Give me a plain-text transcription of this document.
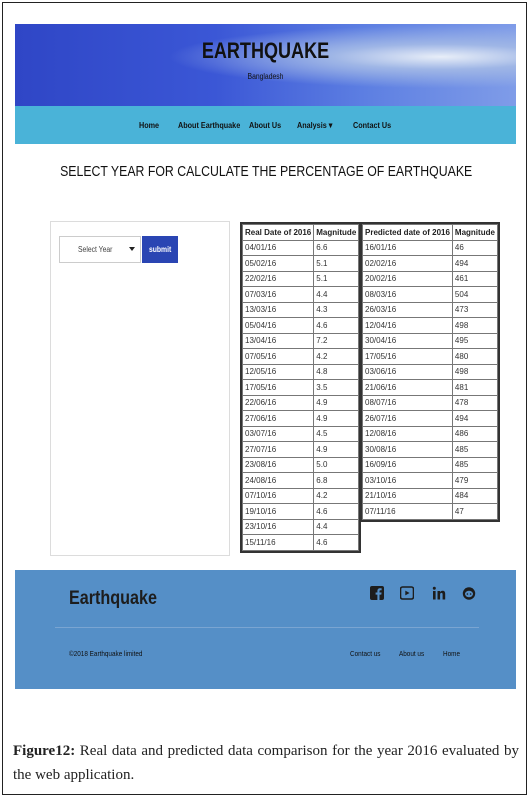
EARTHQUAKE
Bangladesh
Home About Earthquake About Us Analysis ▾ Contact Us
SELECT YEAR FOR CALCULATE THE PERCENTAGE OF EARTHQUAKE
Select Year	submit
Real Date of 2016	Magnitude
04/01/16	6.6
05/02/16	5.1
22/02/16	5.1
07/03/16	4.4
13/03/16	4.3
05/04/16	4.6
13/04/16	7.2
07/05/16	4.2
12/05/16	4.8
17/05/16	3.5
22/06/16	4.9
27/06/16	4.9
03/07/16	4.5
27/07/16	4.9
23/08/16	5.0
24/08/16	6.8
07/10/16	4.2
19/10/16	4.6
23/10/16	4.4
15/11/16	4.6
Predicted date of 2016	Magnitude
16/01/16	46
02/02/16	494
20/02/16	461
08/03/16	504
26/03/16	473
12/04/16	498
30/04/16	495
17/05/16	480
03/06/16	498
21/06/16	481
08/07/16	478
26/07/16	494
12/08/16	486
30/08/16	485
16/09/16	485
03/10/16	479
21/10/16	484
07/11/16	47
Earthquake
©2018 Earthquake limited	Contact us About us	Home
Figure12: Real data and predicted data comparison for the year 2016 evaluated by the web application.
